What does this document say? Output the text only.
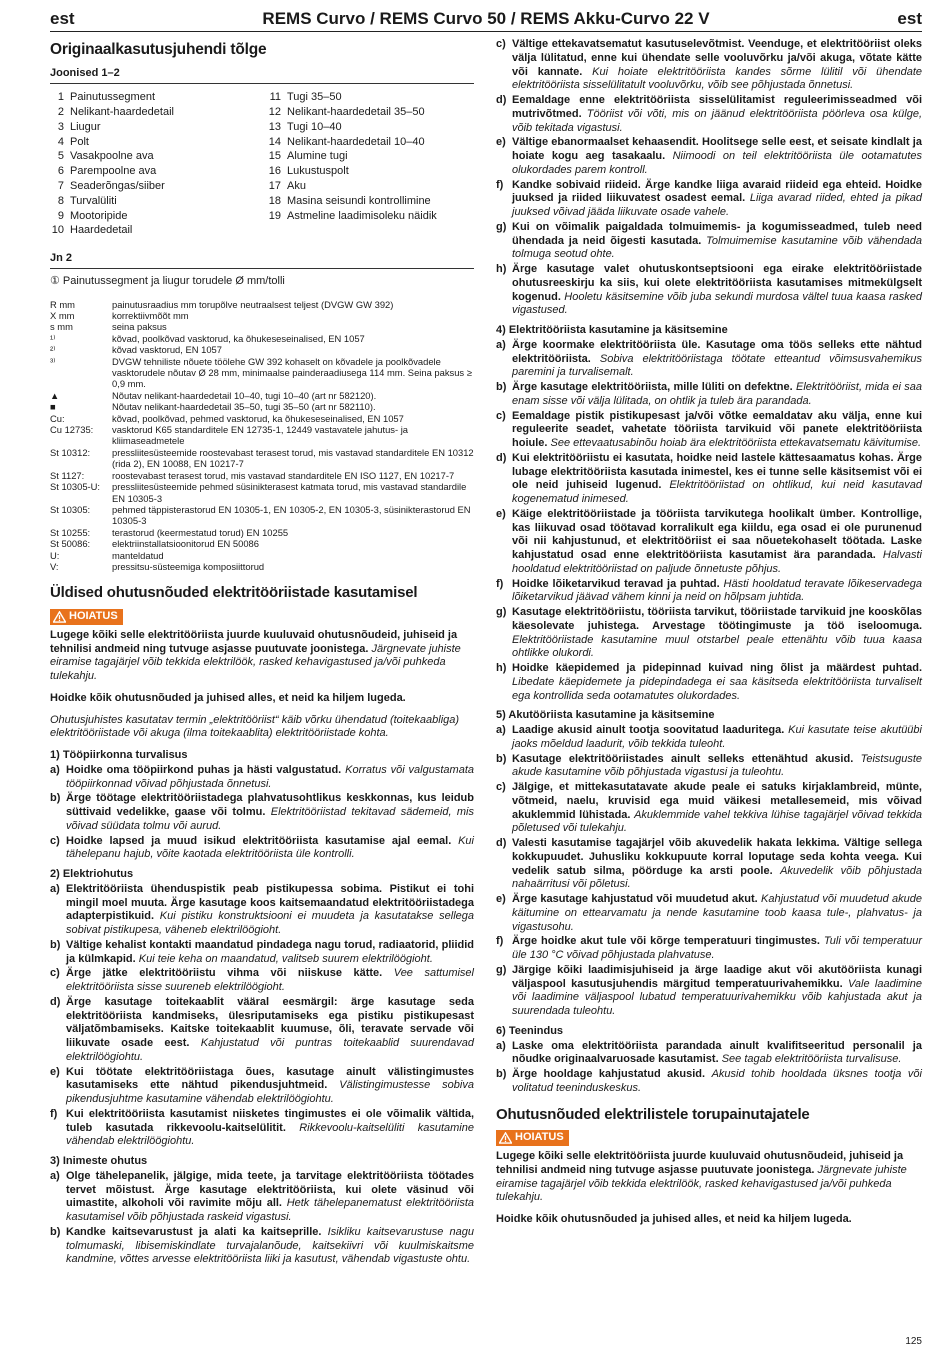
est	REMS Curvo / REMS Curvo 50 / REMS Akku-Curvo 22 V	est
Originaalkasutusjuhendi tõlge
Joonised 1–2
1 Painutussegment
2 Nelikant-haardedetail
3 Liugur
4 Polt
5 Vasakpoolne ava
6 Parempoolne ava
7 Seaderõngas/siiber
8 Turvalüliti
9 Mootoripide
10 Haardedetail
11 Tugi 35–50
12 Nelikant-haardedetail 35–50
13 Tugi 10–40
14 Nelikant-haardedetail 10–40
15 Alumine tugi
16 Lukustuspolt
17 Aku
18 Masina seisundi kontrollimine
19 Astmeline laadimisoleku näidik
Jn 2
① Painutussegment ja liugur torudele Ø mm/tolli
R mm	painutusraadius mm torupõlve neutraalsest teljest (DVGW GW 392)
X mm	korrektiivmõõt mm
s mm	seina paksus
¹⁾	kõvad, poolkõvad vasktorud, ka õhukeseseinalised, EN 1057
²⁾	kõvad vasktorud, EN 1057
³⁾	DVGW tehniliste nõuete töölehe GW 392 kohaselt on kõvadele ja poolkõvadele vasktorudele nõutav Ø 28 mm, minimaalse painderaadiusega 114 mm. Seina paksus ≥ 0,9 mm.
▲	Nõutav nelikant-haardedetail 10–40, tugi 10–40 (art nr 582120).
■	Nõutav nelikant-haardedetail 35–50, tugi 35–50 (art nr 582110).
Cu:	kõvad, poolkõvad, pehmed vasktorud, ka õhukeseseinalised, EN 1057
Cu 12735:	vasktorud K65 standarditele EN 12735-1, 12449 vastavatele jahutus- ja kliimaseadmetele
St 10312:	pressliitesüsteemide roostevabast terasest torud, mis vastavad standarditele EN 10312 (rida 2), EN 10088, EN 10217-7
St 1127:	roostevabast terasest torud, mis vastavad standarditele EN ISO 1127, EN 10217-7
St 10305-U:	pressliitesüsteemide pehmed süsinikterasest katmata torud, mis vastavad standardile EN 10305-3
St 10305:	pehmed täppisterastorud EN 10305-1, EN 10305-2, EN 10305-3, süsinikterastorud EN 10305-3
St 10255:	terastorud (keermestatud torud) EN 10255
St 50086:	elektriinstallatsioonitorud EN 50086
U:	manteldatud
V:	pressitsu-süsteemiga komposiittorud
Üldised ohutusnõuded elektritööriistade kasutamisel
HOIATUS

Lugege kõiki selle elektritööriista juurde kuuluvaid ohutusnõudeid, juhiseid ja tehnilisi andmeid ning tutvuge asjasse puutuvate joonistega. Järgnevate juhiste eiramise tagajärjel võib tekkida elektrilöök, rasked kehavigastused ja/või puhkeda tulekahju.

Hoidke kõik ohutusnõuded ja juhised alles, et neid ka hiljem lugeda.

Ohutusjuhistes kasutatav termin „elektritööriist“ käib võrku ühendatud (toitekaabliga) elektritööriistade või akuga (ilma toitekaablita) elektritööriistade kohta.

1) Tööpiirkonna turvalisus
a) Hoidke oma tööpiirkond puhas ja hästi valgustatud. Korratus või valgustamata tööpiirkonnad võivad põhjustada õnnetusi.
b) Ärge töötage elektritööriistadega plahvatusohtlikus keskkonnas, kus leidub süttivaid vedelikke, gaase või tolmu. Elektritööriistad tekitavad sädemeid, mis võivad süüdata tolmu või aurud.
c) Hoidke lapsed ja muud isikud elektritööriista kasutamise ajal eemal. Kui tähelepanu hajub, võite kaotada elektritööriista üle kontrolli.
2) Elektriohutus
a) Elektritööriista ühenduspistik peab pistikupessa sobima. Pistikut ei tohi mingil moel muuta. Ärge kasutage koos kaitsemaandatud elektritööriistadega adapterpistikuid. Kui pistiku konstruktsiooni ei muudeta ja kasutatakse sellega sobivat pistikupesa, väheneb elektrilöögioht.
b) Vältige kehalist kontakti maandatud pindadega nagu torud, radiaatorid, pliidid ja külmkapid. Kui teie keha on maandatud, valitseb suurem elektrilöögioht.
c) Ärge jätke elektritööriistu vihma või niiskuse kätte. Vee sattumisel elektritööriista sisse suureneb elektrilöögioht.
d) Ärge kasutage toitekaablit vääral eesmärgil: ärge kasutage seda elektritööriista kandmiseks, ülesriputamiseks ega pistiku pistikupesast väljatõmbamiseks. Kaitske toitekaablit kuumuse, õli, teravate servade või liikuvate osade eest. Kahjustatud või puntras toitekaablid suurendavad elektrilöögiohtu.
e) Kui töötate elektritööriistaga õues, kasutage ainult välistingimustes kasutamiseks ette nähtud pikendusjuhtmeid. Välistingimustesse sobiva pikendusjuhtme kasutamine vähendab elektrilöögiohtu.
f) Kui elektritööriista kasutamist niisketes tingimustes ei ole võimalik vältida, tuleb kasutada rikkevoolu-kaitselülitit. Rikkevoolu-kaitselüliti kasutamine vähendab elektrilöögiohtu.
3) Inimeste ohutus
a) Olge tähelepanelik, jälgige, mida teete, ja tarvitage elektritööriista töötades tervet mõistust. Ärge kasutage elektritööriista, kui olete väsinud või uimastite, alkoholi või ravimite mõju all. Hetk tähelepanematust elektritööriista kasutamisel võib põhjustada raskeid vigastusi.
b) Kandke kaitsevarustust ja alati ka kaitseprille. Isikliku kaitsevarustuse nagu tolmumaski, libisemiskindlate turvajalanõude, kaitsekiivri või kuulmiskaitsme kandmine, võttes arvesse elektritööriista liiki ja kasutust, vähendab vigastuste ohtu.
c) Vältige ettekavatsematut kasutuselevõtmist. Veenduge, et elektritööriist oleks välja lülitatud, enne kui ühendate selle vooluvõrku ja/või akuga, võtate kätte või kannate. Kui hoiate elektritööriista kandes sõrme lülitil või ühendate elektritööriista sisselülitatult vooluvõrku, võib see põhjustada õnnetusi.
d) Eemaldage enne elektritööriista sisselülitamist reguleerimisseadmed või mutrivõtmed. Tööriist või võti, mis on jäänud elektritööriista pöörleva osa külge, võib tekitada vigastusi.
e) Vältige ebanormaalset kehaasendit. Hoolitsege selle eest, et seisate kindlalt ja hoiate kogu aeg tasakaalu. Niimoodi on teil elektritööriista üle ootamatutes olukordades parem kontroll.
f) Kandke sobivaid riideid. Ärge kandke liiga avaraid riideid ega ehteid. Hoidke juuksed ja riided liikuvatest osadest eemal. Liiga avarad riided, ehted ja pikad juuksed võivad jääda liikuvate osade vahele.
g) Kui on võimalik paigaldada tolmuimemis- ja kogumisseadmed, tuleb need ühendada ja neid õigesti kasutada. Tolmuimemise kasutamine võib vähendada tolmuga seotud ohte.
h) Ärge kasutage valet ohutuskontseptsiooni ega eirake elektritööriistade ohutusreeskirju ka siis, kui olete elektritööriista kasutamises mitmekülgselt kogenud. Hooletu käsitsemine võib juba sekundi murdosa vältel tuua kaasa rasked vigastused.
4) Elektritööriista kasutamine ja käsitsemine
a) Ärge koormake elektritööriista üle. Kasutage oma töös selleks ette nähtud elektritööriista. Sobiva elektritööriistaga töötate etteantud võimsusvahemikus paremini ja turvalisemalt.
b) Ärge kasutage elektritööriista, mille lüliti on defektne. Elektritööriist, mida ei saa enam sisse või välja lülitada, on ohtlik ja tuleb ära parandada.
c) Eemaldage pistik pistikupesast ja/või võtke eemaldatav aku välja, enne kui reguleerite seadet, vahetate tööriista tarvikuid või panete elektritööriista hoiule. See ettevaatusabinõu hoiab ära elektritööriista ettekavatsematu käivitumise.
d) Kui elektritööriistu ei kasutata, hoidke neid lastele kättesaamatus kohas. Ärge lubage elektritööriista kasutada inimestel, kes ei tunne selle käsitsemist või ei ole neid juhiseid lugenud. Elektritööriistad on ohtlikud, kui neid kasutavad kogenematud inimesed.
e) Käige elektritööriistade ja tööriista tarvikutega hoolikalt ümber. Kontrollige, kas liikuvad osad töötavad korralikult ega kiildu, ega osad ei ole purunenud või nii kahjustunud, et elektritööriist ei saa nõuetekohaselt töötada. Laske kahjustatud osad enne elektritööriista kasutamist ära parandada. Halvasti hooldatud elektritööriistad on paljude õnnetuste põhjus.
f) Hoidke lõiketarvikud teravad ja puhtad. Hästi hooldatud teravate lõikeservadega lõiketarvikud jäävad vähem kinni ja neid on hõlpsam juhtida.
g) Kasutage elektritööriistu, tööriista tarvikut, tööriistade tarvikuid jne kooskõlas käesolevate juhistega. Arvestage töötingimuste ja töö iseloomuga. Elektritööriistade kasutamine muul otstarbel peale ettenähtu võib tuua kaasa ohtlikke olukordi.
h) Hoidke käepidemed ja pidepinnad kuivad ning õlist ja määrdest puhtad. Libedate käepidemete ja pidepindadega ei saa käsitseda elektritööriista turvaliselt ega kontrollida seda ootamatutes olukordades.
5) Akutööriista kasutamine ja käsitsemine
a) Laadige akusid ainult tootja soovitatud laaduritega. Kui kasutate teise akutüübi jaoks mõeldud laadurit, võib tekkida tuleoht.
b) Kasutage elektritööriistades ainult selleks ettenähtud akusid. Teistsuguste akude kasutamine võib põhjustada vigastusi ja tuleohtu.
c) Jälgige, et mittekasutatavate akude peale ei satuks kirjaklambreid, münte, võtmeid, naelu, kruvisid ega muid väikesi metallesemeid, mis võivad akuklemmid lühistada. Akuklemmide vahel tekkiva lühise tagajärjel võivad tekkida põletused või tulekahju.
d) Valesti kasutamise tagajärjel võib akuvedelik hakata lekkima. Vältige sellega kokkupuudet. Juhusliku kokkupuute korral loputage seda kohta veega. Kui vedelik satub silma, pöörduge ka arsti poole. Akuvedelik võib põhjustada nahaärritusi või põletusi.
e) Ärge kasutage kahjustatud või muudetud akut. Kahjustatud või muudetud akude käitumine on ettearvamatu ja nende kasutamine toob kaasa tule-, plahvatus- ja vigastusohu.
f) Ärge hoidke akut tule või kõrge temperatuuri tingimustes. Tuli või temperatuur üle 130 °C võivad põhjustada plahvatuse.
g) Järgige kõiki laadimisjuhiseid ja ärge laadige akut või akutööriista kunagi väljaspool kasutusjuhendis märgitud temperatuurivahemikku. Vale laadimine või laadimine väljaspool lubatud temperatuurivahemikku võib kahjustada akut ja suurendada tuleohtu.
6) Teenindus
a) Laske oma elektritööriista parandada ainult kvalifitseeritud personalil ja nõudke originaalvaruosade kasutamist. See tagab elektritööriista turvalisuse.
b) Ärge hooldage kahjustatud akusid. Akusid tohib hooldada üksnes tootja või volitatud teeninduskeskus.
Ohutusnõuded elektrilistele torupainutajatele
HOIATUS

Lugege kõiki selle elektritööriista juurde kuuluvaid ohutusnõudeid, juhiseid ja tehnilisi andmeid ning tutvuge asjasse puutuvate joonistega. Järgnevate juhiste eiramise tagajärjel võib tekkida elektrilöök, rasked kehavigastused ja/või puhkeda tulekahju.

Hoidke kõik ohutusnõuded ja juhised alles, et neid ka hiljem lugeda.

125
